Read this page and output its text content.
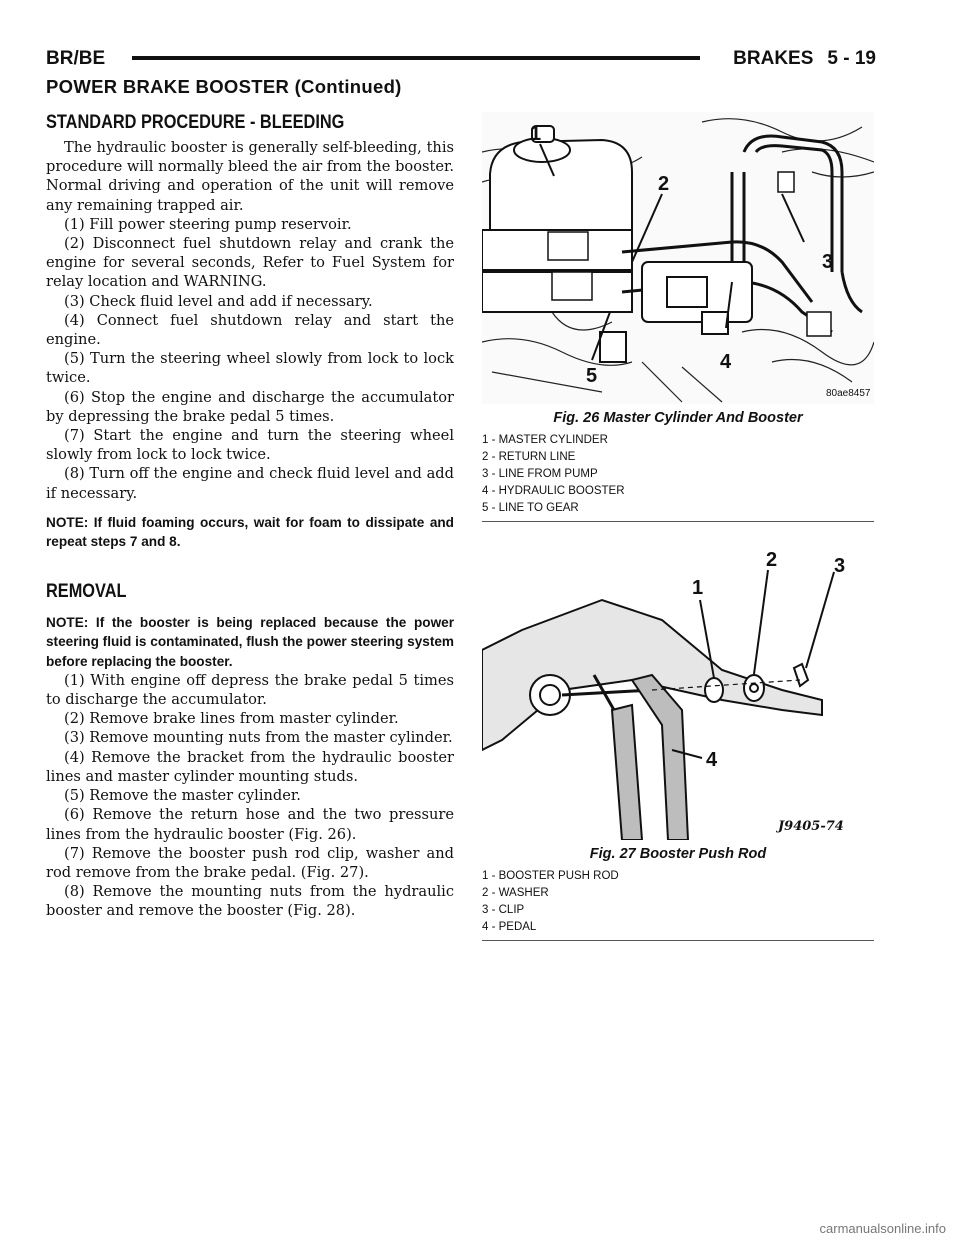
BR/BE	BRAKES 5 - 19
POWER BRAKE BOOSTER (Continued)
STANDARD PROCEDURE - BLEEDING

The hydraulic booster is generally self-bleeding, this procedure will normally bleed the air from the booster. Normal driving and operation of the unit will remove any remaining trapped air.

(1) Fill power steering pump reservoir.

(2) Disconnect fuel shutdown relay and crank the engine for several seconds, Refer to Fuel System for relay location and WARNING.

(3) Check fluid level and add if necessary.

(4) Connect fuel shutdown relay and start the engine.

(5) Turn the steering wheel slowly from lock to lock twice.

(6) Stop the engine and discharge the accumulator by depressing the brake pedal 5 times.

(7) Start the engine and turn the steering wheel slowly from lock to lock twice.

(8) Turn off the engine and check fluid level and add if necessary.

NOTE: If fluid foaming occurs, wait for foam to dissipate and repeat steps 7 and 8.

REMOVAL

NOTE: If the booster is being replaced because the power steering fluid is contaminated, flush the power steering system before replacing the booster.

(1) With engine off depress the brake pedal 5 times to discharge the accumulator.

(2) Remove brake lines from master cylinder.

(3) Remove mounting nuts from the master cylinder.

(4) Remove the bracket from the hydraulic booster lines and master cylinder mounting studs.

(5) Remove the master cylinder.

(6) Remove the return hose and the two pressure lines from the hydraulic booster (Fig. 26).

(7) Remove the booster push rod clip, washer and rod remove from the brake pedal. (Fig. 27).

(8) Remove the mounting nuts from the hydraulic booster and remove the booster (Fig. 28).

1
2
3
4
5
80ae8457
Fig. 26 Master Cylinder And Booster
1 - MASTER CYLINDER
2 - RETURN LINE
3 - LINE FROM PUMP
4 - HYDRAULIC BOOSTER
5 - LINE TO GEAR
1
2	3
4
J9405-74
Fig. 27 Booster Push Rod
1 - BOOSTER PUSH ROD
2 - WASHER
3 - CLIP
4 - PEDAL
carmanualsonline.info
